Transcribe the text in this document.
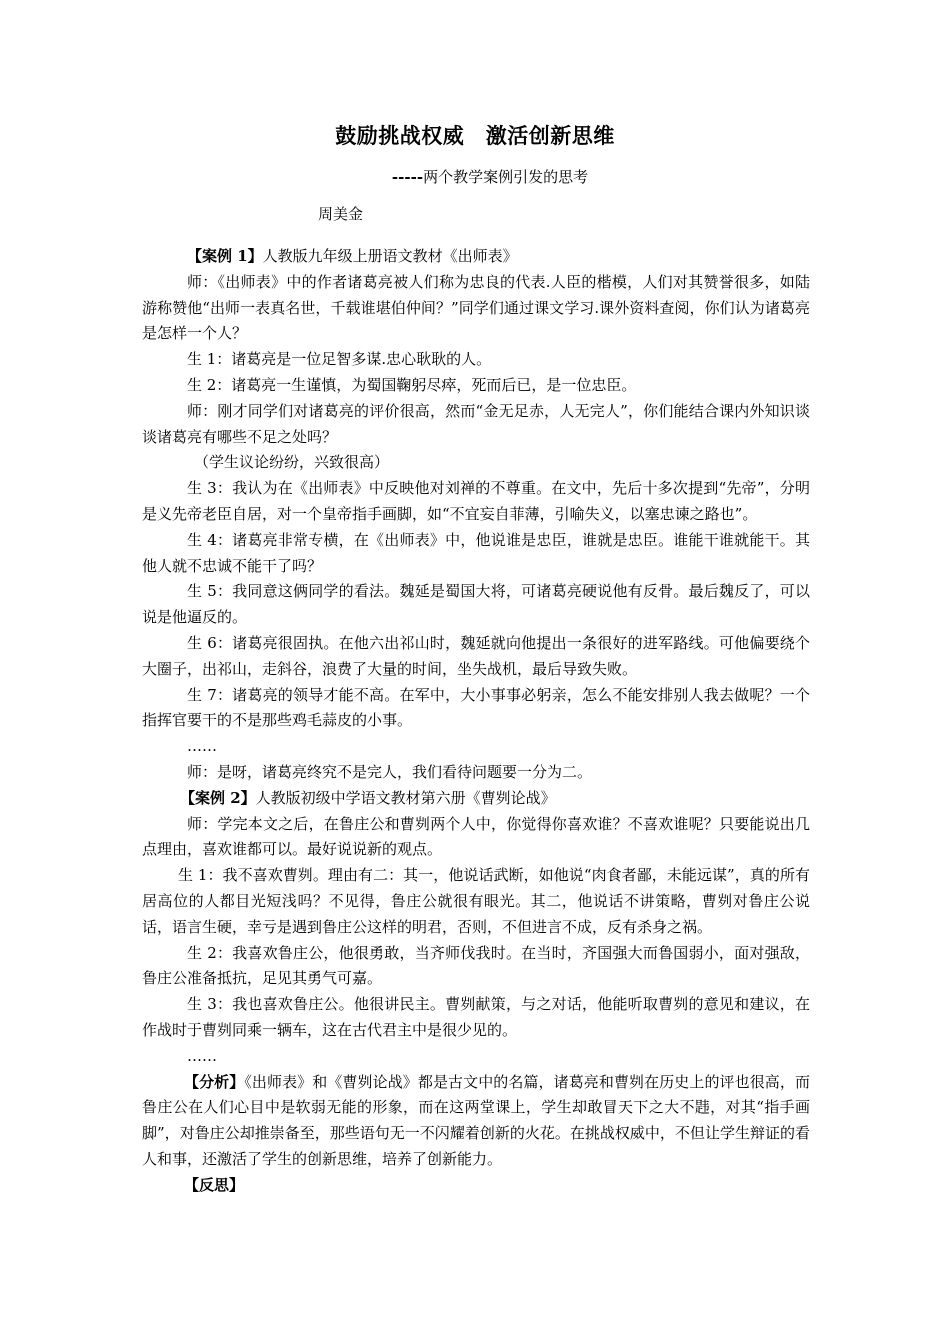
鼓励挑战权威　激活创新思维
-----两个教学案例引发的思考
周美金

【案例 1】人教版九年级上册语文教材《出师表》

师：《出师表》中的作者诸葛亮被人们称为忠良的代表.人臣的楷模，人们对其赞誉很多，如陆游称赞他“出师一表真名世，千载谁堪伯仲间？”同学们通过课文学习.课外资料查阅，你们认为诸葛亮是怎样一个人？

生 1：诸葛亮是一位足智多谋.忠心耿耿的人。

生 2：诸葛亮一生谨慎，为蜀国鞠躬尽瘁，死而后已，是一位忠臣。

师：刚才同学们对诸葛亮的评价很高，然而“金无足赤，人无完人”，你们能结合课内外知识谈谈诸葛亮有哪些不足之处吗？

（学生议论纷纷，兴致很高）

生 3：我认为在《出师表》中反映他对刘禅的不尊重。在文中，先后十多次提到“先帝”，分明是义先帝老臣自居，对一个皇帝指手画脚，如“不宜妄自菲薄，引喻失义，以塞忠谏之路也”。

生 4：诸葛亮非常专横，在《出师表》中，他说谁是忠臣，谁就是忠臣。谁能干谁就能干。其他人就不忠诚不能干了吗？

生 5：我同意这俩同学的看法。魏延是蜀国大将，可诸葛亮硬说他有反骨。最后魏反了，可以说是他逼反的。

生 6：诸葛亮很固执。在他六出祁山时，魏延就向他提出一条很好的进军路线。可他偏要绕个大圈子，出祁山，走斜谷，浪费了大量的时间，坐失战机，最后导致失败。

生 7：诸葛亮的领导才能不高。在军中，大小事事必躬亲，怎么不能安排别人我去做呢？一个指挥官要干的不是那些鸡毛蒜皮的小事。

……

师：是呀，诸葛亮终究不是完人，我们看待问题要一分为二。

【案例 2】人教版初级中学语文教材第六册《曹刿论战》

师：学完本文之后，在鲁庄公和曹刿两个人中，你觉得你喜欢谁？不喜欢谁呢？只要能说出几点理由，喜欢谁都可以。最好说说新的观点。

生 1：我不喜欢曹刿。理由有二：其一，他说话武断，如他说“肉食者鄙，未能远谋”，真的所有居高位的人都目光短浅吗？不见得，鲁庄公就很有眼光。其二，他说话不讲策略，曹刿对鲁庄公说话，语言生硬，幸亏是遇到鲁庄公这样的明君，否则，不但进言不成，反有杀身之祸。

生 2：我喜欢鲁庄公，他很勇敢，当齐师伐我时。在当时，齐国强大而鲁国弱小，面对强敌，鲁庄公准备抵抗，足见其勇气可嘉。

生 3：我也喜欢鲁庄公。他很讲民主。曹刿献策，与之对话，他能听取曹刿的意见和建议，在作战时于曹刿同乘一辆车，这在古代君主中是很少见的。

……

【分析】《出师表》和《曹刿论战》都是古文中的名篇，诸葛亮和曹刿在历史上的评也很高，而鲁庄公在人们心目中是软弱无能的形象，而在这两堂课上，学生却敢冒天下之大不韪，对其“指手画脚”，对鲁庄公却推崇备至，那些语句无一不闪耀着创新的火花。在挑战权威中，不但让学生辩证的看人和事，还激活了学生的创新思维，培养了创新能力。

【反思】
